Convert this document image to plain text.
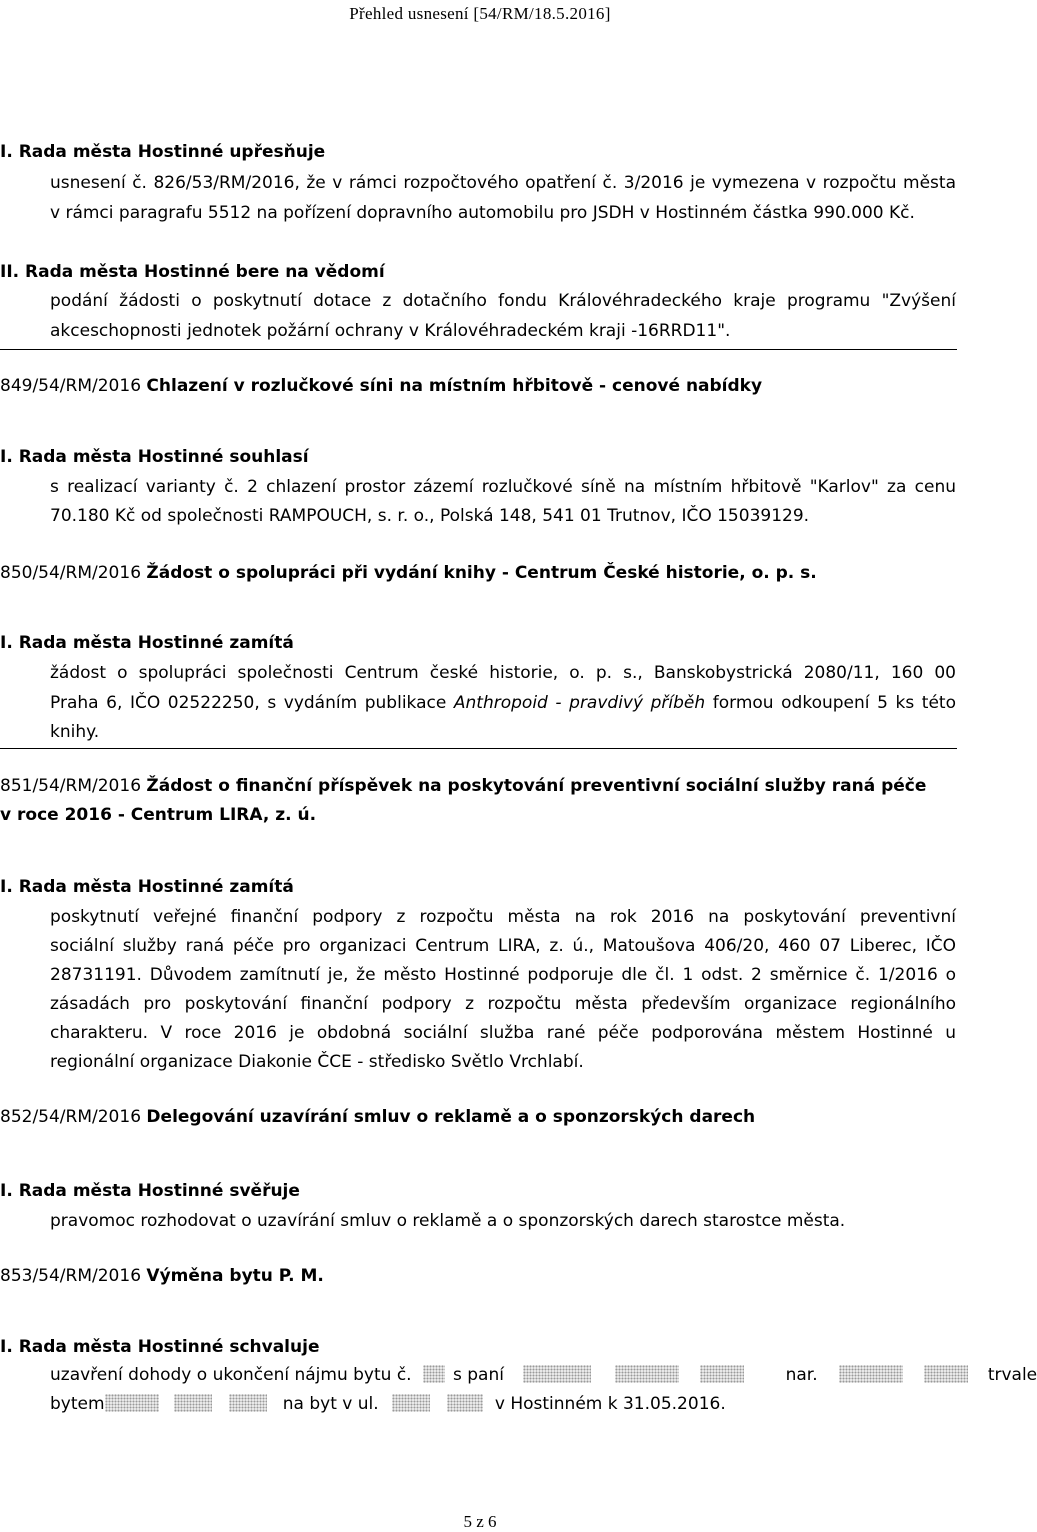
Přehled usnesení [54/RM/18.5.2016]
I. Rada města Hostinné upřesňuje
usnesení č. 826/53/RM/2016, že v rámci rozpočtového opatření č. 3/2016 je vymezena v rozpočtu města
v rámci paragrafu 5512 na pořízení dopravního automobilu pro JSDH v Hostinném částka 990.000 Kč.
II. Rada města Hostinné bere na vědomí
podání žádosti o poskytnutí dotace z dotačního fondu Královéhradeckého kraje programu "Zvýšení
akceschopnosti jednotek požární ochrany v Královéhradeckém kraji -16RRD11".
849/54/RM/2016 Chlazení v rozlučkové síni na místním hřbitově - cenové nabídky
I. Rada města Hostinné souhlasí
s realizací varianty č. 2 chlazení prostor zázemí rozlučkové síně na místním hřbitově "Karlov" za cenu
70.180 Kč od společnosti RAMPOUCH, s. r. o., Polská 148, 541 01 Trutnov, IČO 15039129.
850/54/RM/2016 Žádost o spolupráci při vydání knihy - Centrum České historie, o. p. s.
I. Rada města Hostinné zamítá
žádost o spolupráci společnosti Centrum české historie, o. p. s., Banskobystrická 2080/11, 160 00
Praha 6, IČO 02522250, s vydáním publikace Anthropoid - pravdivý příběh formou odkoupení 5 ks této
knihy.
851/54/RM/2016 Žádost o finanční příspěvek na poskytování preventivní sociální služby raná péče
v roce 2016 - Centrum LIRA, z. ú.
I. Rada města Hostinné zamítá
poskytnutí veřejné finanční podpory z rozpočtu města na rok 2016 na poskytování preventivní
sociální služby raná péče pro organizaci Centrum LIRA, z. ú., Matoušova 406/20, 460 07 Liberec, IČO
28731191. Důvodem zamítnutí je, že město Hostinné podporuje dle čl. 1 odst. 2 směrnice č. 1/2016 o
zásadách pro poskytování finanční podpory z rozpočtu města především organizace regionálního
charakteru. V roce 2016 je obdobná sociální služba rané péče podporována městem Hostinné u
regionální organizace Diakonie ČCE - středisko Světlo Vrchlabí.
852/54/RM/2016 Delegování uzavírání smluv o reklamě a o sponzorských darech
I. Rada města Hostinné svěřuje
pravomoc rozhodovat o uzavírání smluv o reklamě a o sponzorských darech starostce města.
853/54/RM/2016 Výměna bytu P. M.
I. Rada města Hostinné schvaluje
uzavření dohody o ukončení nájmu bytu č. s paní	nar.	trvale
bytem	na byt v ul.	v Hostinném k 31.05.2016.
5 z 6
